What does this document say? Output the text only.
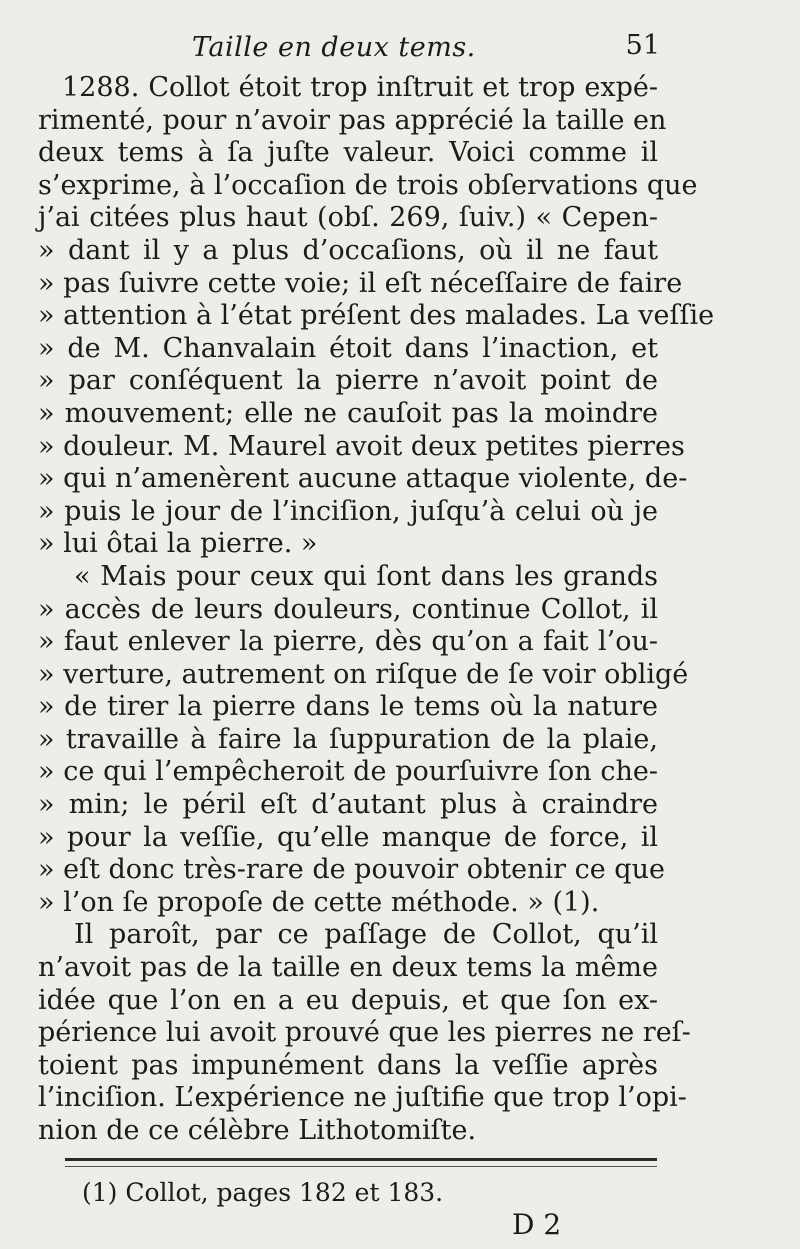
Taille en deux tems.	51
1288. Collot étoit trop inſtruit et trop expé-
rimenté, pour n’avoir pas apprécié la taille en
deux tems à ſa juſte valeur. Voici comme il
s’exprime, à l’occaſion de trois obſervations que
j’ai citées plus haut (obſ. 269, ſuiv.) « Cepen-
» dant il y a plus d’occaſions, où il ne faut
» pas ſuivre cette voie; il eſt néceſſaire de faire
» attention à l’état préſent des malades. La veſſie
» de M. Chanvalain étoit dans l’inaction, et
» par conſéquent la pierre n’avoit point de
» mouvement; elle ne cauſoit pas la moindre
» douleur. M. Maurel avoit deux petites pierres
» qui n’amenèrent aucune attaque violente, de-
» puis le jour de l’inciſion, juſqu’à celui où je
» lui ôtai la pierre. »
« Mais pour ceux qui ſont dans les grands
» accès de leurs douleurs, continue Collot, il
» faut enlever la pierre, dès qu’on a fait l’ou-
» verture, autrement on riſque de ſe voir obligé
» de tirer la pierre dans le tems où la nature
» travaille à faire la ſuppuration de la plaie,
» ce qui l’empêcheroit de pourſuivre ſon che-
» min; le péril eſt d’autant plus à craindre
» pour la veſſie, qu’elle manque de force, il
» eſt donc très-rare de pouvoir obtenir ce que
» l’on ſe propoſe de cette méthode. » (1).
Il paroît, par ce paſſage de Collot, qu’il
n’avoit pas de la taille en deux tems la même
idée que l’on en a eu depuis, et que ſon ex-
périence lui avoit prouvé que les pierres ne reſ-
toient pas impunément dans la veſſie après
l’inciſion. L’expérience ne juſtifie que trop l’opi-
nion de ce célèbre Lithotomiſte.
(1) Collot, pages 182 et 183.
D 2
